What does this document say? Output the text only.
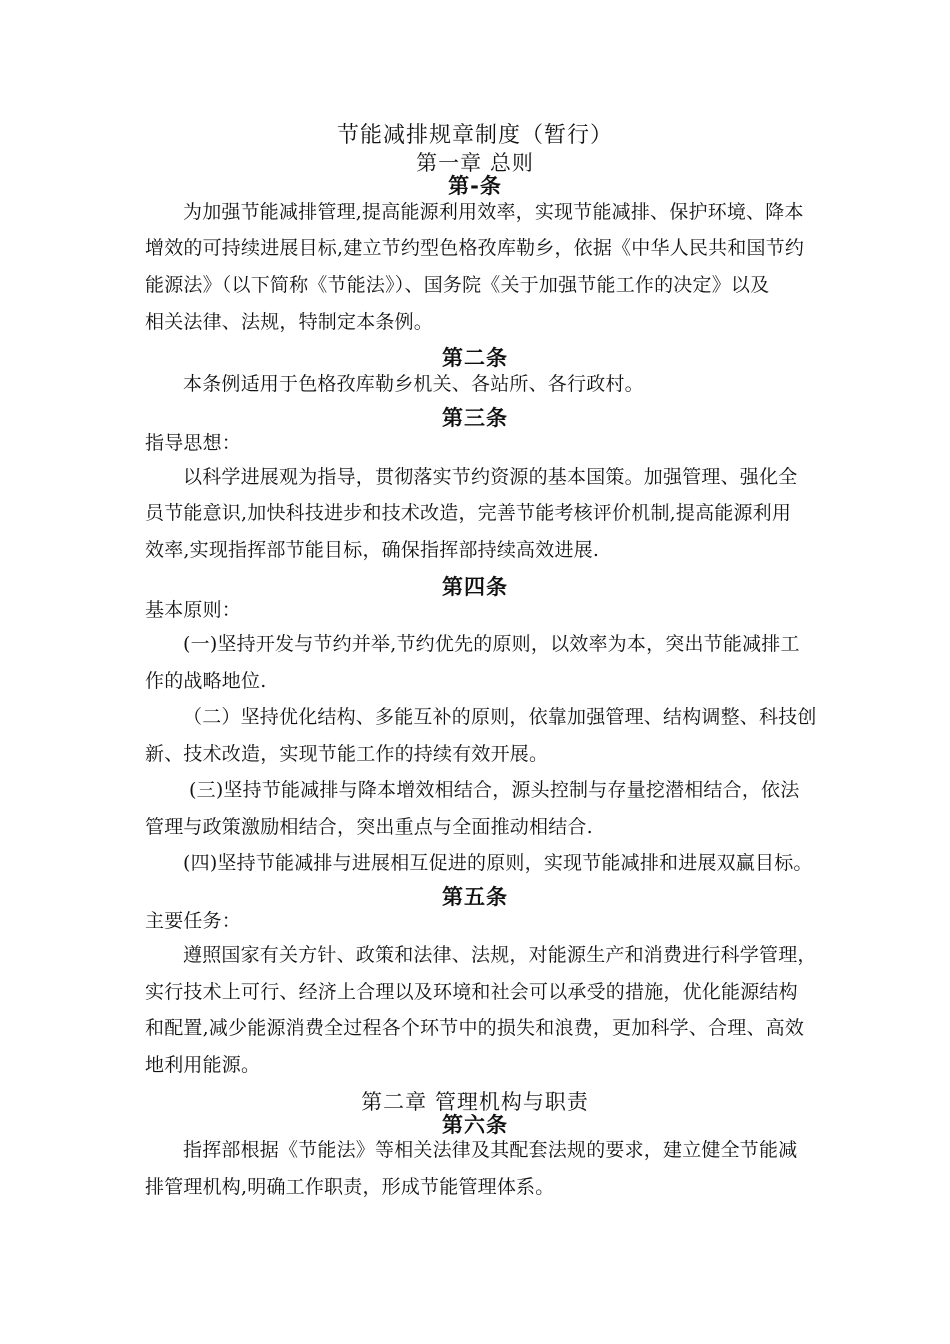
节能减排规章制度（暂行）
第一章 总则
第-条
为加强节能减排管理,提高能源利用效率，实现节能减排、保护环境、降本
增效的可持续进展目标,建立节约型色格孜库勒乡，依据《中华人民共和国节约
能源法》（以下简称《节能法》）、国务院《关于加强节能工作的决定》以及
相关法律、法规，特制定本条例。
第二条
本条例适用于色格孜库勒乡机关、各站所、各行政村。
第三条
指导思想：
以科学进展观为指导，贯彻落实节约资源的基本国策。加强管理、强化全
员节能意识,加快科技进步和技术改造，完善节能考核评价机制,提高能源利用
效率,实现指挥部节能目标，确保指挥部持续高效进展.
第四条
基本原则：
(一)坚持开发与节约并举,节约优先的原则，以效率为本，突出节能减排工
作的战略地位.
（二）坚持优化结构、多能互补的原则，依靠加强管理、结构调整、科技创
新、技术改造，实现节能工作的持续有效开展。
(三)坚持节能减排与降本增效相结合，源头控制与存量挖潜相结合，依法
管理与政策激励相结合，突出重点与全面推动相结合.
(四)坚持节能减排与进展相互促进的原则，实现节能减排和进展双赢目标。
第五条
主要任务：
遵照国家有关方针、政策和法律、法规，对能源生产和消费进行科学管理，
实行技术上可行、经济上合理以及环境和社会可以承受的措施，优化能源结构
和配置,减少能源消费全过程各个环节中的损失和浪费，更加科学、合理、高效
地利用能源。
第二章 管理机构与职责
第六条
指挥部根据《节能法》等相关法律及其配套法规的要求，建立健全节能减
排管理机构,明确工作职责，形成节能管理体系。
